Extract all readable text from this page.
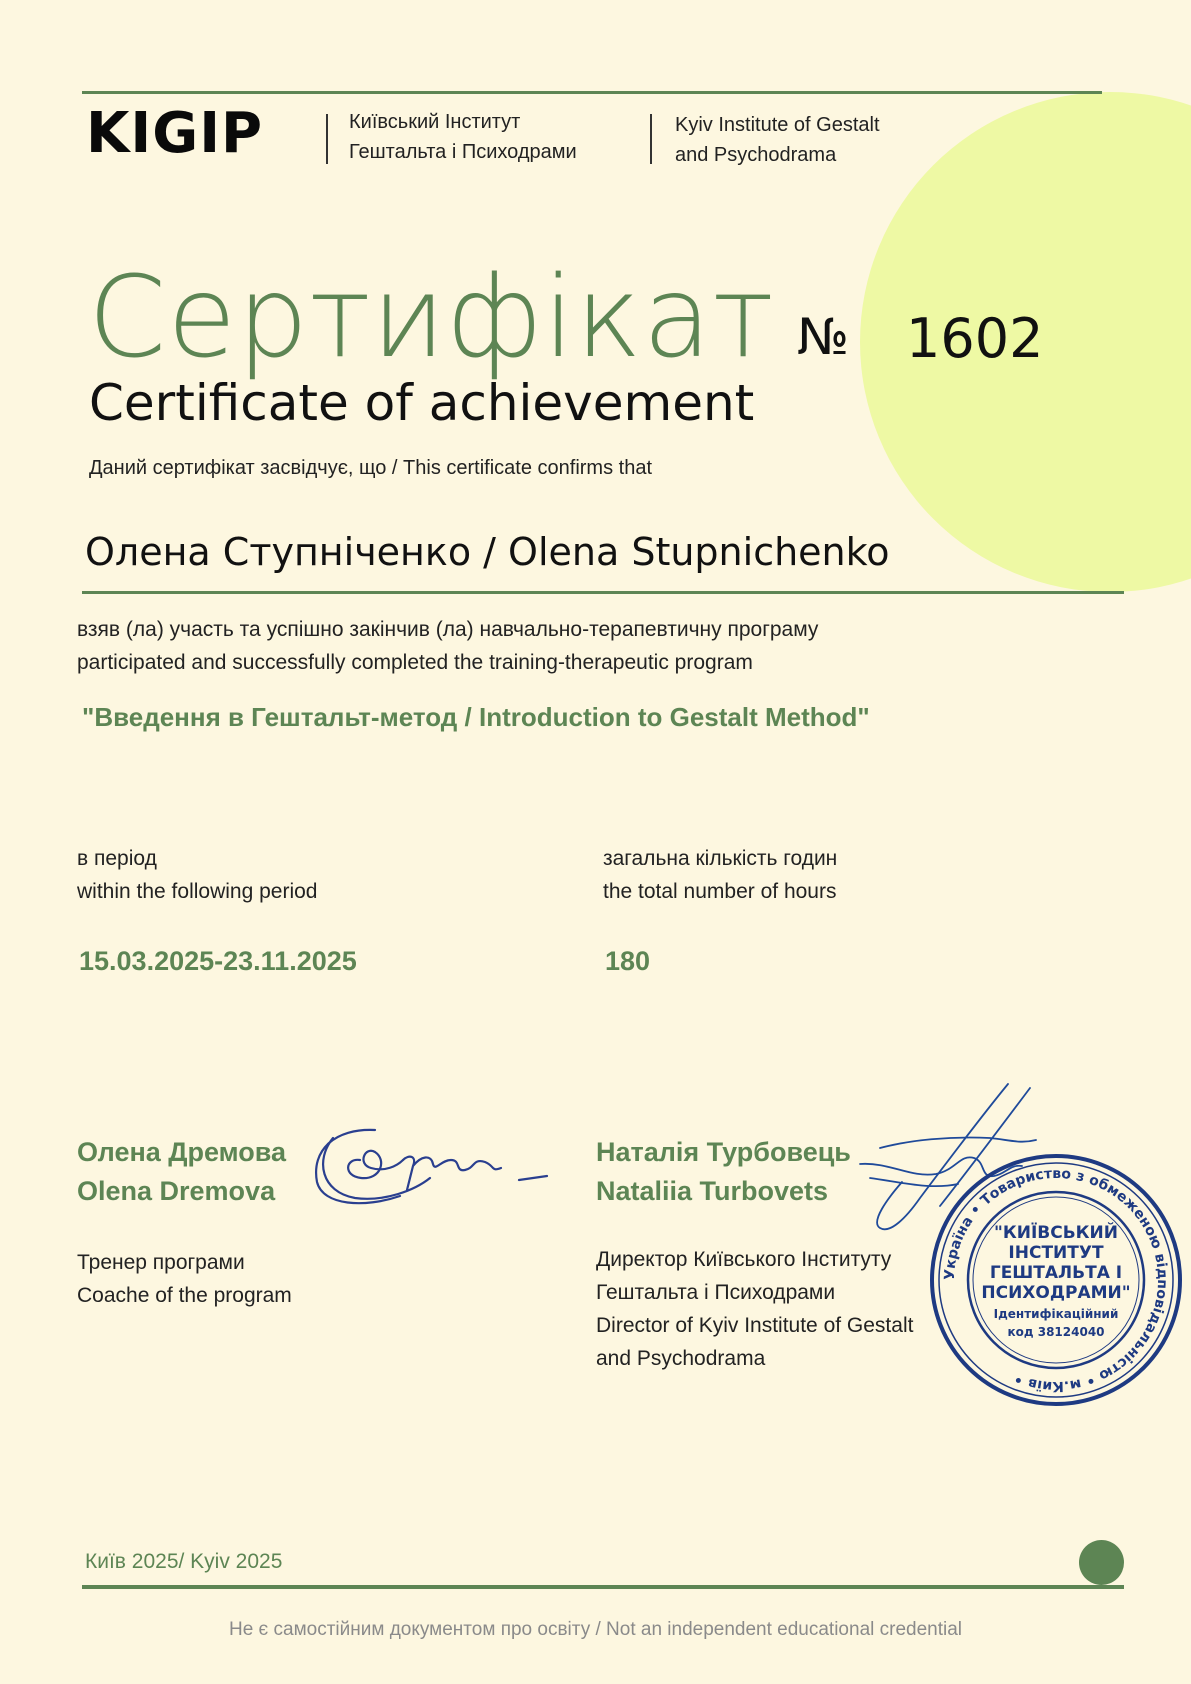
KIGIP	Київський Інститут
Гештальта і Психодрами
Kyiv Institute of Gestalt
and Psychodrama
Сертифікат
Certificate of achievement
№ 1602
Даний сертифікат засвідчує, що / This certificate confirms that
Олена Ступніченко / Olena Stupnichenko
взяв (ла) участь та успішно закінчив (ла) навчально-терапевтичну програму
participated and successfully completed the training-therapeutic program
"Введення в Гештальт-метод / Introduction to Gestalt Method"
в період
within the following period
15.03.2025-23.11.2025
загальна кількість годин
the total number of hours
180
Олена Дремова
Olena Dremova
Тренер програми
Coache of the program
Наталія Турбовець
Nataliia Turbovets
Директор Київського Інституту
Гештальта і Психодрами
Director of Kyiv Institute of Gestalt
and Psychodrama
Україна • Товариство з обмеженою відповідальністю • м.Київ •
"КИЇВСЬКИЙ
ІНСТИТУТ
ГЕШТАЛЬТА І
ПСИХОДРАМИ"
Ідентифікаційний
код 38124040
Київ 2025/ Kyiv 2025
Не є самостійним документом про освіту / Not an independent educational credential
